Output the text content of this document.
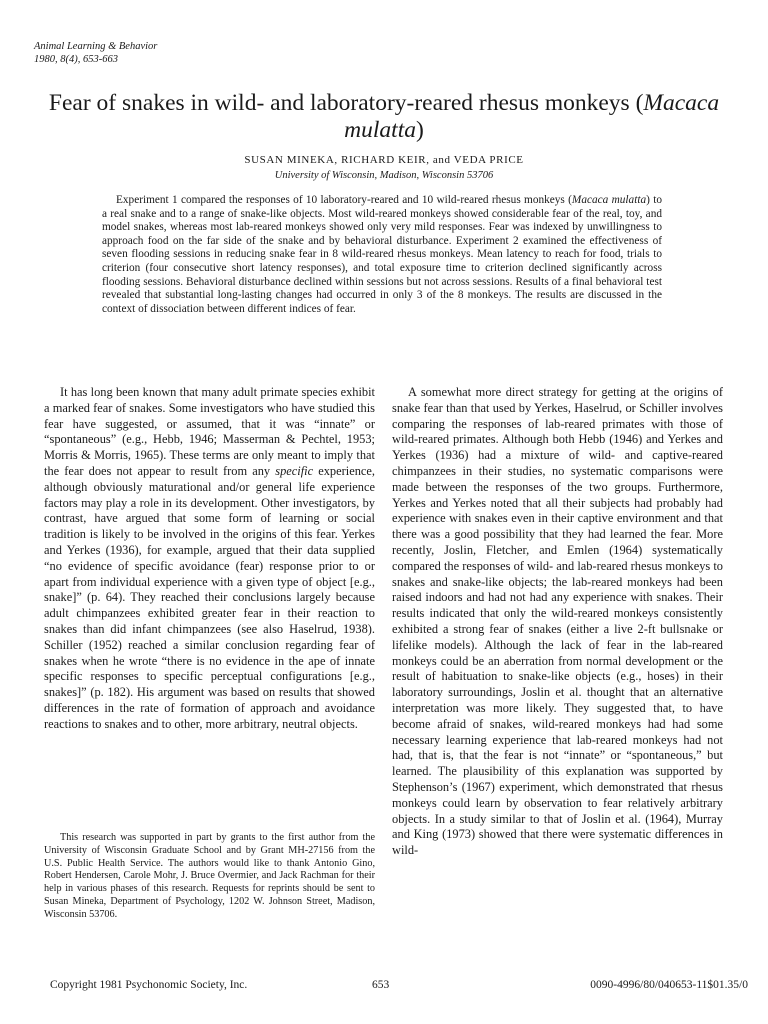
Animal Learning & Behavior
1980, 8(4), 653-663
Fear of snakes in wild- and laboratory-reared rhesus monkeys (Macaca mulatta)
SUSAN MINEKA, RICHARD KEIR, and VEDA PRICE
University of Wisconsin, Madison, Wisconsin 53706

Experiment 1 compared the responses of 10 laboratory-reared and 10 wild-reared rhesus monkeys (Macaca mulatta) to a real snake and to a range of snake-like objects. Most wild-reared monkeys showed considerable fear of the real, toy, and model snakes, whereas most lab-reared monkeys showed only very mild responses. Fear was indexed by unwillingness to approach food on the far side of the snake and by behavioral disturbance. Experiment 2 examined the effectiveness of seven flooding sessions in reducing snake fear in 8 wild-reared rhesus monkeys. Mean latency to reach for food, trials to criterion (four consecutive short latency responses), and total exposure time to criterion declined significantly across flooding sessions. Behavioral disturbance declined within sessions but not across sessions. Results of a final behavioral test revealed that substantial long-lasting changes had occurred in only 3 of the 8 monkeys. The results are discussed in the context of dissociation between different indices of fear.

It has long been known that many adult primate species exhibit a marked fear of snakes. Some investigators who have studied this fear have suggested, or assumed, that it was “innate” or “spontaneous” (e.g., Hebb, 1946; Masserman & Pechtel, 1953; Morris & Morris, 1965). These terms are only meant to imply that the fear does not appear to result from any specific experience, although obviously maturational and/or general life experience factors may play a role in its development. Other investigators, by contrast, have argued that some form of learning or social tradition is likely to be involved in the origins of this fear. Yerkes and Yerkes (1936), for example, argued that their data supplied “no evidence of specific avoidance (fear) response prior to or apart from individual experience with a given type of object [e.g., snake]” (p. 64). They reached their conclusions largely because adult chimpanzees exhibited greater fear in their reaction to snakes than did infant chimpanzees (see also Haselrud, 1938). Schiller (1952) reached a similar conclusion regarding fear of snakes when he wrote “there is no evidence in the ape of innate specific responses to specific perceptual configurations [e.g., snakes]” (p. 182). His argument was based on results that showed differences in the rate of formation of approach and avoidance reactions to snakes and to other, more arbitrary, neutral objects.

This research was supported in part by grants to the first author from the University of Wisconsin Graduate School and by Grant MH-27156 from the U.S. Public Health Service. The authors would like to thank Antonio Gino, Robert Hendersen, Carole Mohr, J. Bruce Overmier, and Jack Rachman for their help in various phases of this research. Requests for reprints should be sent to Susan Mineka, Department of Psychology, 1202 W. Johnson Street, Madison, Wisconsin 53706.

A somewhat more direct strategy for getting at the origins of snake fear than that used by Yerkes, Haselrud, or Schiller involves comparing the responses of lab-reared primates with those of wild-reared primates. Although both Hebb (1946) and Yerkes and Yerkes (1936) had a mixture of wild- and captive-reared chimpanzees in their studies, no systematic comparisons were made between the responses of the two groups. Furthermore, Yerkes and Yerkes noted that all their subjects had probably had experience with snakes even in their captive environment and that there was a good possibility that they had learned the fear. More recently, Joslin, Fletcher, and Emlen (1964) systematically compared the responses of wild- and lab-reared rhesus monkeys to snakes and snake-like objects; the lab-reared monkeys had been raised indoors and had not had any experience with snakes. Their results indicated that only the wild-reared monkeys consistently exhibited a strong fear of snakes (either a live 2-ft bullsnake or lifelike models). Although the lack of fear in the lab-reared monkeys could be an aberration from normal development or the result of habituation to snake-like objects (e.g., hoses) in their laboratory surroundings, Joslin et al. thought that an alternative interpretation was more likely. They suggested that, to have become afraid of snakes, wild-reared monkeys had had some necessary learning experience that lab-reared monkeys had not had, that is, that the fear is not “innate” or “spontaneous,” but learned. The plausibility of this explanation was supported by Stephenson’s (1967) experiment, which demonstrated that rhesus monkeys could learn by observation to fear relatively arbitrary objects. In a study similar to that of Joslin et al. (1964), Murray and King (1973) showed that there were systematic differences in wild-

Copyright 1981 Psychonomic Society, Inc.	653	0090-4996/80/040653-11$01.35/0
